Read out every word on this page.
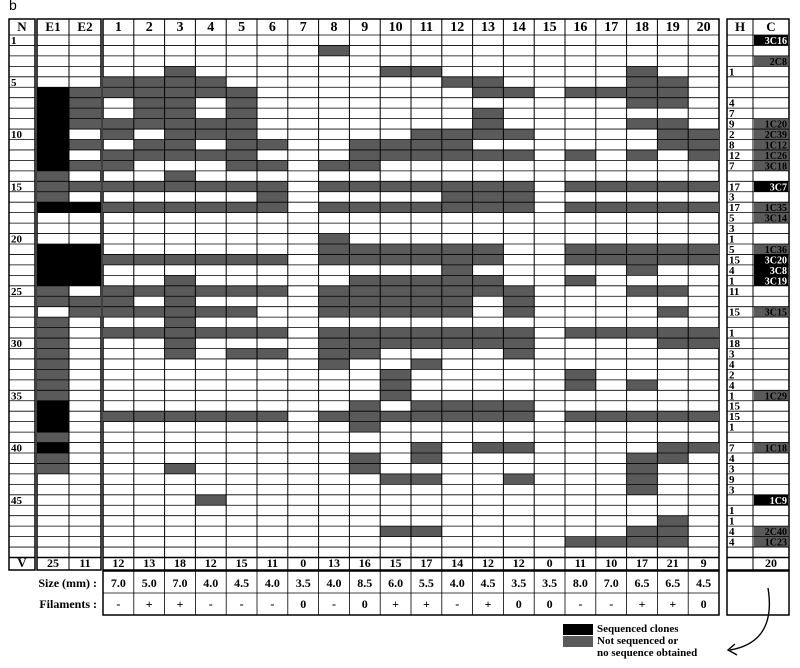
b
N E1 E2 1 2 3 4 5 6 7 8 9 10 11 12 13 14 15 16 17 18 19 20 H C
1
5
10
15
20
25
30
35
40
45
V 25 11 12 13 18 12 15 11 0 13 16 15 17 14 12 12 0 11 10 17 21 9	20
1
4
7
9
2
8
12
7
17
3
17
5
3
1
5
15
4
1
11
15
1
18
3
4
2
4
1
15
15
1
7
4
3
9
3
1
1
4
4
3C16
2C8
1C20
2C39
1C12
1C26
3C18
3C7
1C35
3C14
1C36
3C20
3C8
3C19
3C15
1C29
1C18
1C9
2C40
1C23
Size (mm) :
Filaments :
7.0 5.0 7.0 4.0 4.5 4.0 3.5 4.0 8.5 6.0 5.5 4.0 4.5 3.5 3.5 8.0 7.0 6.5 6.5 4.5
- + + - - - 0 - 0 + + - + 0 0 - - + + 0
Sequenced clones
Not sequenced or
no sequence obtained
